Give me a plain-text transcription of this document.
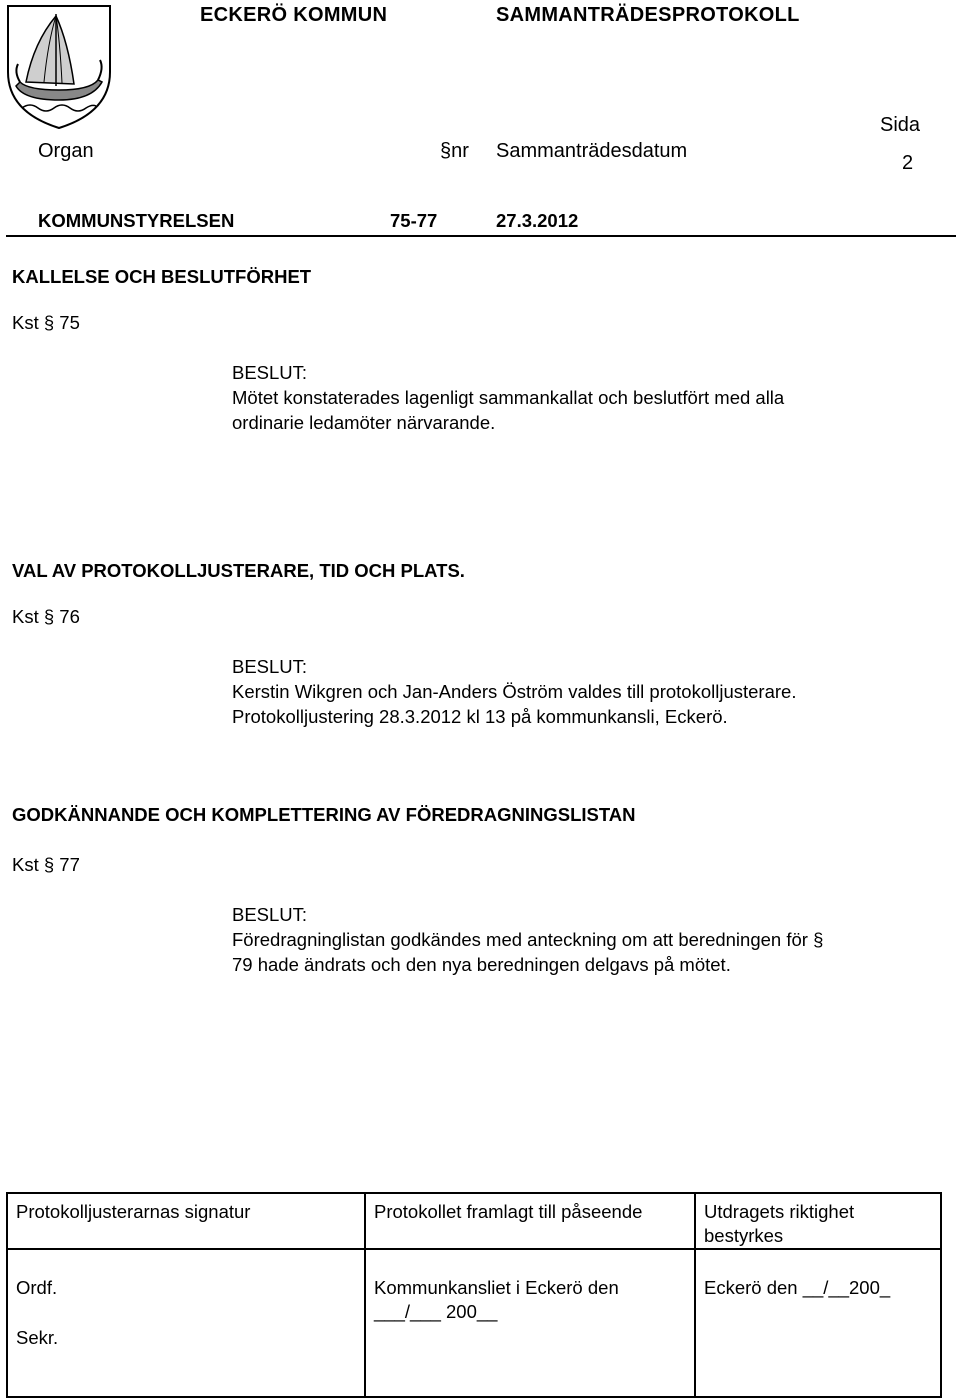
ECKERÖ KOMMUN	SAMMANTRÄDESPROTOKOLL
Sida
Organ	§nr Sammanträdesdatum
2
KOMMUNSTYRELSEN	75-77	27.3.2012
KALLELSE OCH BESLUTFÖRHET
Kst § 75
BESLUT:
Mötet konstaterades lagenligt sammankallat och beslutfört med alla
ordinarie ledamöter närvarande.
VAL AV PROTOKOLLJUSTERARE, TID OCH PLATS.
Kst § 76
BESLUT:
Kerstin Wikgren och Jan-Anders Öström valdes till protokolljusterare.
Protokolljustering 28.3.2012 kl 13 på kommunkansli, Eckerö.
GODKÄNNANDE OCH KOMPLETTERING AV FÖREDRAGNINGSLISTAN
Kst § 77
BESLUT:
Föredragninglistan godkändes med anteckning om att beredningen för §
79 hade ändrats och den nya beredningen delgavs på mötet.
Protokolljusterarnas signatur	Protokollet framlagt till påseende	Utdragets riktighet bestyrkes
Ordf.
Sekr.	Kommunkansliet i Eckerö den ___/___ 200__	Eckerö den __/__200_
